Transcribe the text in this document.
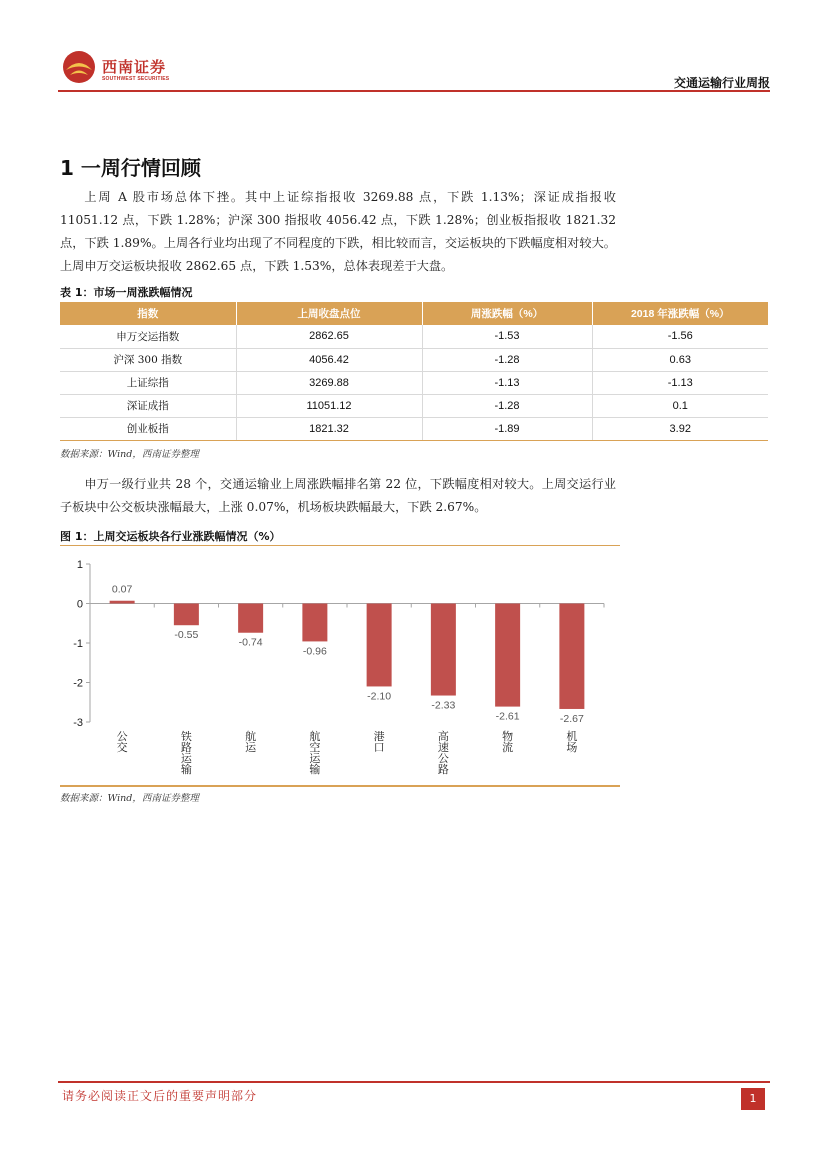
西南证券
SOUTHWEST SECURITIES	交通运输行业周报
1 一周行情回顾

上周 A 股市场总体下挫。其中上证综指报收 3269.88 点，下跌 1.13%；深证成指报收 11051.12 点，下跌 1.28%；沪深 300 指报收 4056.42 点，下跌 1.28%；创业板指报收 1821.32 点，下跌 1.89%。上周各行业均出现了不同程度的下跌，相比较而言，交运板块的下跌幅度相对较大。上周申万交运板块报收 2862.65 点，下跌 1.53%，总体表现差于大盘。

表 1：市场一周涨跌幅情况
指数	上周收盘点位	周涨跌幅（%）	2018 年涨跌幅（%）
申万交运指数	2862.65	-1.53	-1.56
沪深 300 指数	4056.42	-1.28	0.63
上证综指	3269.88	-1.13	-1.13
深证成指	11051.12	-1.28	0.1
创业板指	1821.32	-1.89	3.92
数据来源：Wind，西南证券整理

申万一级行业共 28 个，交通运输业上周涨跌幅排名第 22 位，下跌幅度相对较大。上周交运行业子板块中公交板块涨幅最大，上涨 0.07%，机场板块跌幅最大，下跌 2.67%。

图 1：上周交运板块各行业涨跌幅情况（%）
1
0
-1
-2
-3
0.07
公交
-0.55
铁路运输
-0.74
航运
-0.96
航空运输
-2.10
港口
-2.33
高速公路
-2.61
物流
-2.67
机场
数据来源：Wind，西南证券整理
请务必阅读正文后的重要声明部分	1
